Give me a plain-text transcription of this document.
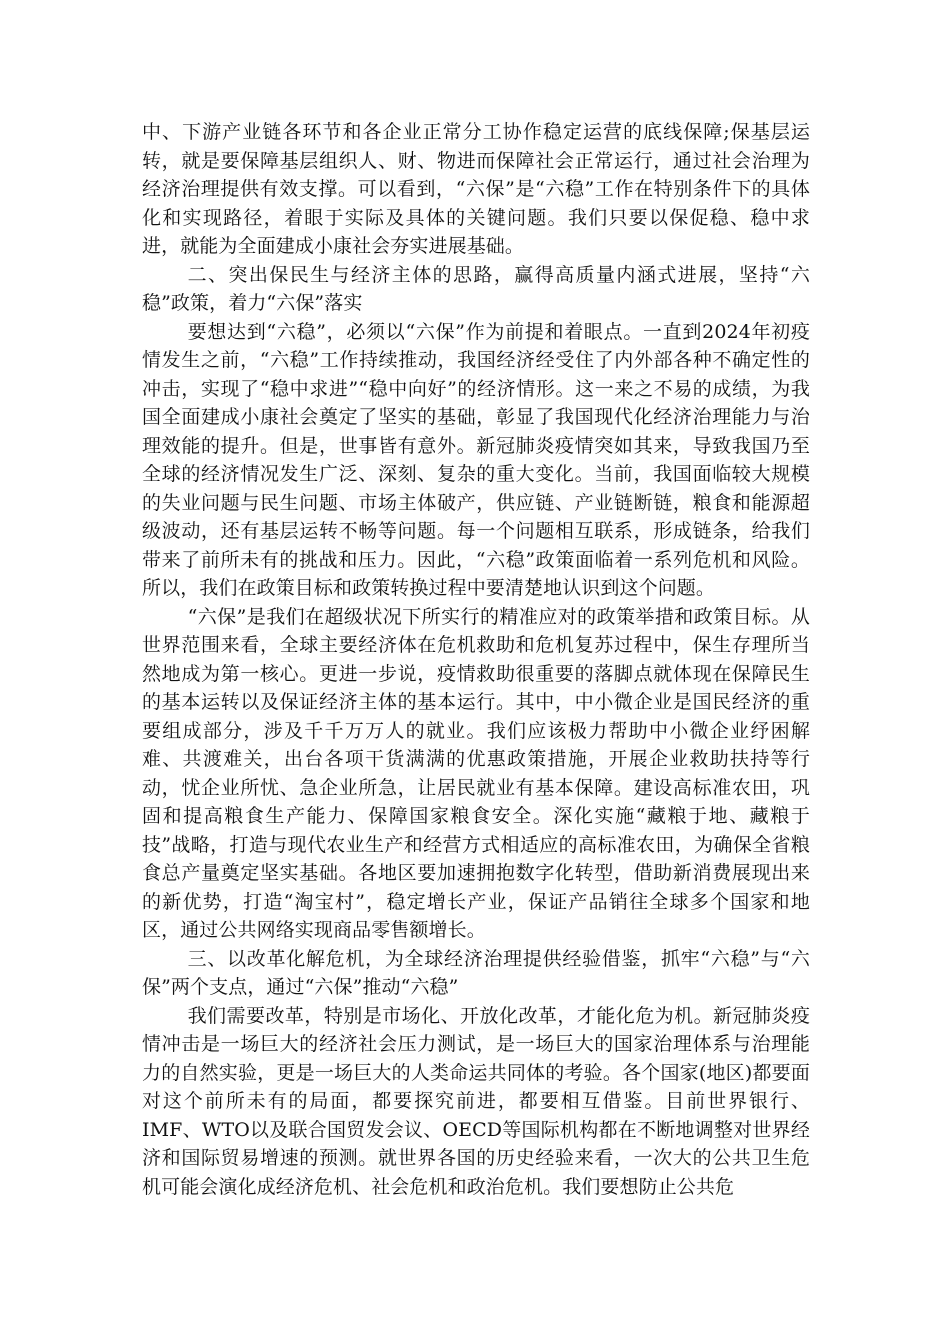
中、下游产业链各环节和各企业正常分工协作稳定运营的底线保障;保基层运转，就是要保障基层组织人、财、物进而保障社会正常运行，通过社会治理为经济治理提供有效支撑。可以看到，“六保”是“六稳”工作在特别条件下的具体化和实现路径，着眼于实际及具体的关键问题。我们只要以保促稳、稳中求进，就能为全面建成小康社会夯实进展基础。

二、突出保民生与经济主体的思路，赢得高质量内涵式进展，坚持“六稳”政策，着力“六保”落实

要想达到“六稳”，必须以“六保”作为前提和着眼点。一直到2024年初疫情发生之前，“六稳”工作持续推动，我国经济经受住了内外部各种不确定性的冲击，实现了“稳中求进”“稳中向好”的经济情形。这一来之不易的成绩，为我国全面建成小康社会奠定了坚实的基础，彰显了我国现代化经济治理能力与治理效能的提升。但是，世事皆有意外。新冠肺炎疫情突如其来，导致我国乃至全球的经济情况发生广泛、深刻、复杂的重大变化。当前，我国面临较大规模的失业问题与民生问题、市场主体破产，供应链、产业链断链，粮食和能源超级波动，还有基层运转不畅等问题。每一个问题相互联系，形成链条，给我们带来了前所未有的挑战和压力。因此，“六稳”政策面临着一系列危机和风险。所以，我们在政策目标和政策转换过程中要清楚地认识到这个问题。

“六保”是我们在超级状况下所实行的精准应对的政策举措和政策目标。从世界范围来看，全球主要经济体在危机救助和危机复苏过程中，保生存理所当然地成为第一核心。更进一步说，疫情救助很重要的落脚点就体现在保障民生的基本运转以及保证经济主体的基本运行。其中，中小微企业是国民经济的重要组成部分，涉及千千万万人的就业。我们应该极力帮助中小微企业纾困解难、共渡难关，出台各项干货满满的优惠政策措施，开展企业救助扶持等行动，忧企业所忧、急企业所急，让居民就业有基本保障。建设高标准农田，巩固和提高粮食生产能力、保障国家粮食安全。深化实施“藏粮于地、藏粮于技”战略，打造与现代农业生产和经营方式相适应的高标准农田，为确保全省粮食总产量奠定坚实基础。各地区要加速拥抱数字化转型，借助新消费展现出来的新优势，打造“淘宝村”，稳定增长产业，保证产品销往全球多个国家和地区，通过公共网络实现商品零售额增长。

三、以改革化解危机，为全球经济治理提供经验借鉴，抓牢“六稳”与“六保”两个支点，通过“六保”推动“六稳”

我们需要改革，特别是市场化、开放化改革，才能化危为机。新冠肺炎疫情冲击是一场巨大的经济社会压力测试，是一场巨大的国家治理体系与治理能力的自然实验，更是一场巨大的人类命运共同体的考验。各个国家(地区)都要面对这个前所未有的局面，都要探究前进，都要相互借鉴。目前世界银行、IMF、WTO以及联合国贸发会议、OECD等国际机构都在不断地调整对世界经济和国际贸易增速的预测。就世界各国的历史经验来看，一次大的公共卫生危机可能会演化成经济危机、社会危机和政治危机。我们要想防止公共危
